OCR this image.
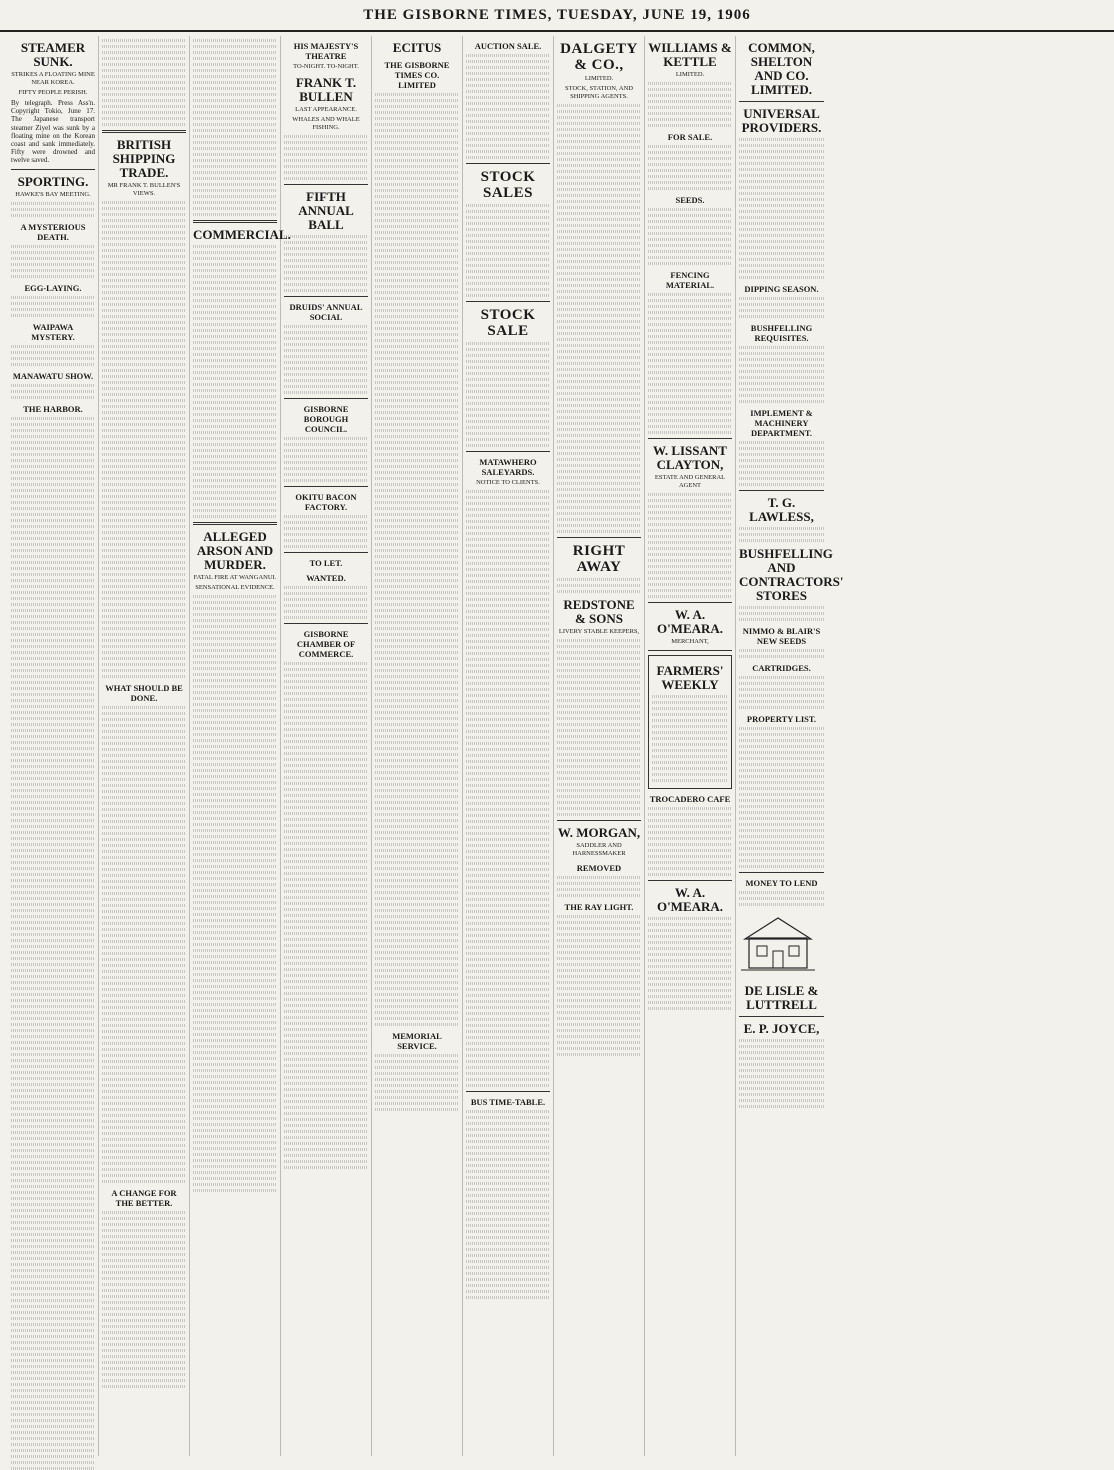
THE GISBORNE TIMES, TUESDAY, JUNE 19, 1906
STEAMER SUNK.
STRIKES A FLOATING MINE NEAR KOREA.
FIFTY PEOPLE PERISH.
By telegraph. Press Ass'n. Copyright Tokio, June 17. The Japanese transport steamer Ziyel was sunk by a floating mine on the Korean coast and sank immediately. Fifty were drowned and twelve saved.
SPORTING.
HAWKE'S BAY MEETING.
A MYSTERIOUS DEATH.
EGG-LAYING.
WAIPAWA MYSTERY.
MANAWATU SHOW.
THE HARBOR.
BRITISH SHIPPING TRADE.
MR FRANK T. BULLEN'S VIEWS.
WHAT SHOULD BE DONE.
A CHANGE FOR THE BETTER.
COMMERCIAL.
ALLEGED ARSON AND MURDER.
FATAL FIRE AT WANGANUI.
SENSATIONAL EVIDENCE.
HIS MAJESTY'S THEATRE
TO-NIGHT. TO-NIGHT.
FRANK T. BULLEN
LAST APPEARANCE.
WHALES AND WHALE FISHING.
FIFTH ANNUAL BALL
DRUIDS' ANNUAL SOCIAL
GISBORNE BOROUGH COUNCIL.
OKITU BACON FACTORY.
TO LET.
WANTED.
GISBORNE CHAMBER OF COMMERCE.
ECITUS
THE GISBORNE TIMES CO. LIMITED
MEMORIAL SERVICE.
AUCTION SALE.
STOCK SALES
STOCK SALE
MATAWHERO SALEYARDS.
NOTICE TO CLIENTS.
BUS TIME-TABLE.
DALGETY & CO.,
LIMITED.
STOCK, STATION, AND SHIPPING AGENTS.
RIGHT AWAY
REDSTONE & SONS
LIVERY STABLE KEEPERS,
W. MORGAN,
SADDLER AND HARNESSMAKER
REMOVED
THE RAY LIGHT.
WILLIAMS & KETTLE
LIMITED.
FOR SALE.
SEEDS.
FENCING MATERIAL.
W. LISSANT CLAYTON,
ESTATE AND GENERAL AGENT
W. A. O'MEARA.
MERCHANT,
FARMERS' WEEKLY
TROCADERO CAFE
W. A. O'MEARA.
COMMON, SHELTON AND CO. LIMITED.
UNIVERSAL PROVIDERS.
DIPPING SEASON.
BUSHFELLING REQUISITES.
IMPLEMENT & MACHINERY DEPARTMENT.
T. G. LAWLESS,
BUSHFELLING AND CONTRACTORS' STORES
NIMMO & BLAIR'S NEW SEEDS
CARTRIDGES.
PROPERTY LIST.
MONEY TO LEND
DE LISLE & LUTTRELL
E. P. JOYCE,
